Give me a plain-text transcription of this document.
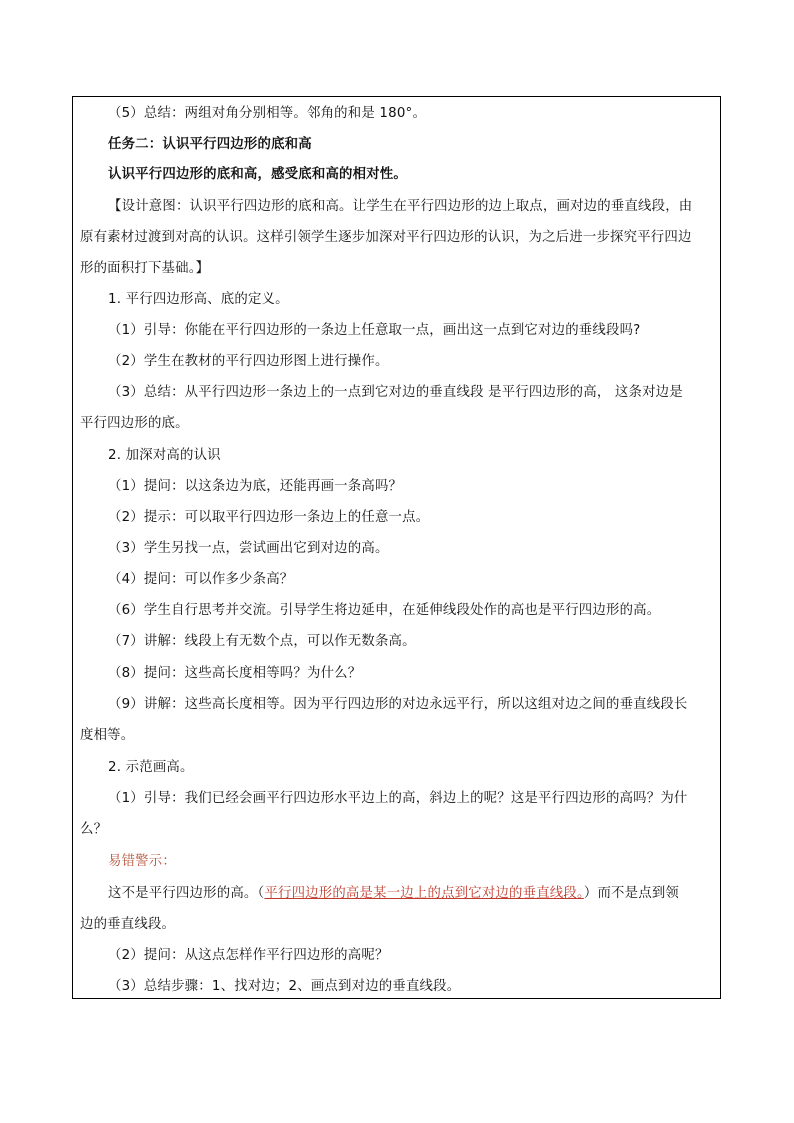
（5）总结：两组对角分别相等。邻角的和是 180°。
任务二：认识平行四边形的底和高
认识平行四边形的底和高，感受底和高的相对性。
【设计意图：认识平行四边形的底和高。让学生在平行四边形的边上取点，画对边的垂直线段，由
原有素材过渡到对高的认识。这样引领学生逐步加深对平行四边形的认识，为之后进一步探究平行四边
形的面积打下基础。】
1. 平行四边形高、底的定义。
（1）引导：你能在平行四边形的一条边上任意取一点，画出这一点到它对边的垂线段吗?
（2）学生在教材的平行四边形图上进行操作。
（3）总结：从平行四边形一条边上的一点到它对边的垂直线段 是平行四边形的高， 这条对边是
平行四边形的底。
2. 加深对高的认识
（1）提问：以这条边为底，还能再画一条高吗？
（2）提示：可以取平行四边形一条边上的任意一点。
（3）学生另找一点，尝试画出它到对边的高。
（4）提问：可以作多少条高？
（6）学生自行思考并交流。引导学生将边延申，在延伸线段处作的高也是平行四边形的高。
（7）讲解：线段上有无数个点，可以作无数条高。
（8）提问：这些高长度相等吗？为什么？
（9）讲解：这些高长度相等。因为平行四边形的对边永远平行，所以这组对边之间的垂直线段长
度相等。
2. 示范画高。
（1）引导：我们已经会画平行四边形水平边上的高，斜边上的呢？这是平行四边形的高吗？为什
么？
易错警示：
这不是平行四边形的高。（平行四边形的高是某一边上的点到它对边的垂直线段。）而不是点到领
边的垂直线段。
（2）提问：从这点怎样作平行四边形的高呢？
（3）总结步骤：1、找对边；2、画点到对边的垂直线段。
